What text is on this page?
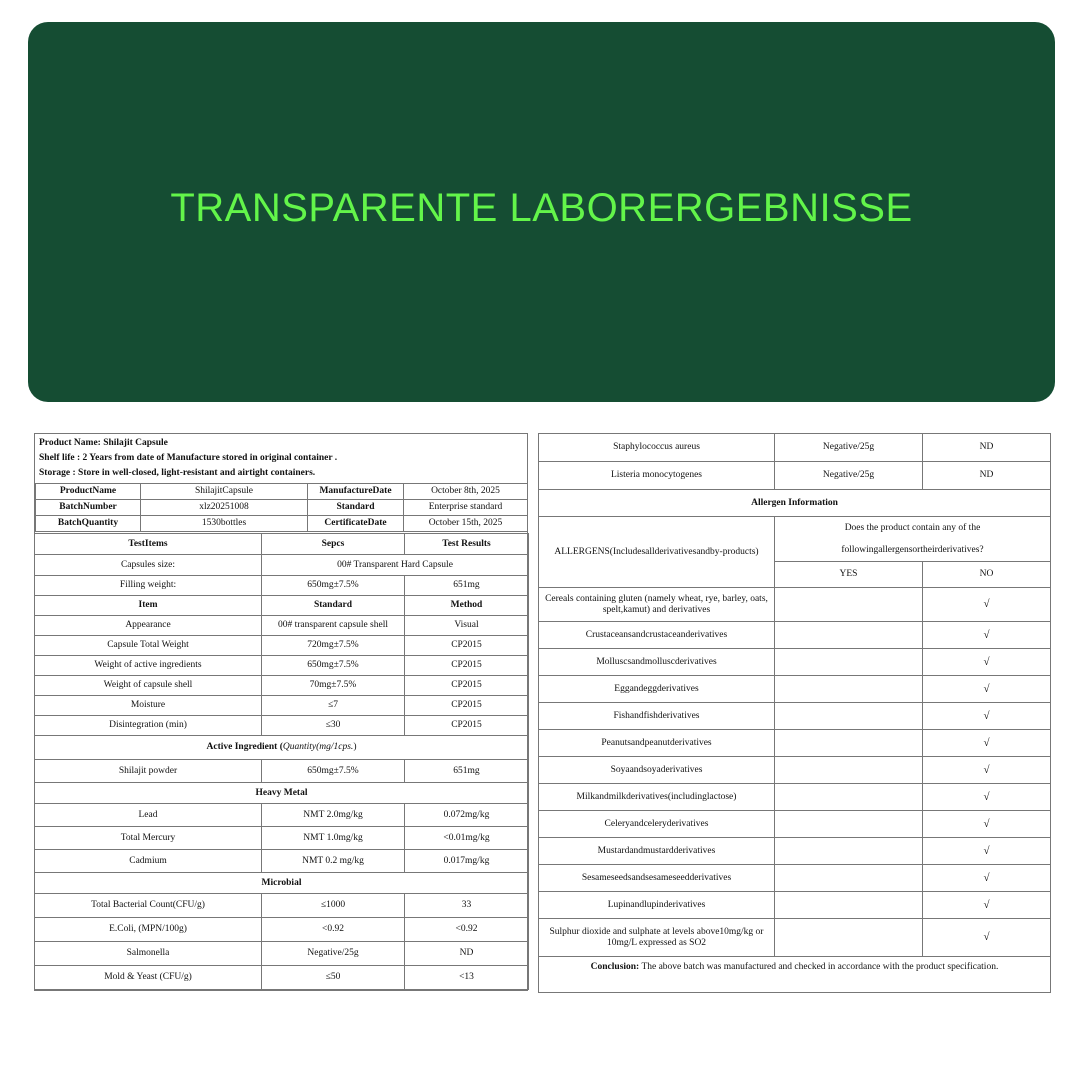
TRANSPARENTE LABORERGEBNISSE
Product Name: Shilajit Capsule
Shelf life : 2 Years from date of Manufacture stored in original container .
Storage : Store in well-closed, light-resistant and airtight containers.
ProductName	ShilajitCapsule	ManufactureDate	October 8th, 2025
BatchNumber	xlz20251008	Standard	Enterprise standard
BatchQuantity	1530bottles	CertificateDate	October 15th, 2025
TestItems	Sepcs	Test Results
Capsules size:	00# Transparent Hard Capsule	
Filling weight:	650mg±7.5%	651mg
Item	Standard	Method
Appearance	00# transparent capsule shell	Visual
Capsule Total Weight	720mg±7.5%	CP2015
Weight of active ingredients	650mg±7.5%	CP2015
Weight of capsule shell	70mg±7.5%	CP2015
Moisture	≤7	CP2015
Disintegration (min)	≤30	CP2015
Active Ingredient (Quantity(mg/1cps.)		
Shilajit powder	650mg±7.5%	651mg
Heavy Metal		
Lead	NMT 2.0mg/kg	0.072mg/kg
Total Mercury	NMT 1.0mg/kg	<0.01mg/kg
Cadmium	NMT 0.2 mg/kg	0.017mg/kg
Microbial		
Total Bacterial Count(CFU/g)	≤1000	33
E.Coli, (MPN/100g)	<0.92	<0.92
Salmonella	Negative/25g	ND
Mold & Yeast (CFU/g)	≤50	<13
Staphylococcus aureus	Negative/25g	ND
Listeria monocytogenes	Negative/25g	ND
Allergen Information		
ALLERGENS(Includesallderivativesandby-products)	Does the product contain any of the followingallergensortheirderivatives?	
	YES	NO
Cereals containing gluten (namely wheat, rye, barley, oats, spelt,kamut) and derivatives		√
Crustaceansandcrustaceanderivatives		√
Molluscsandmolluscderivatives		√
Eggandeggderivatives		√
Fishandfishderivatives		√
Peanutsandpeanutderivatives		√
Soyaandsoyaderivatives		√
Milkandmilkderivatives(includinglactose)		√
Celeryandceleryderivatives		√
Mustardandmustardderivatives		√
Sesameseedsandsesameseedderivatives		√
Lupinandlupinderivatives		√
Sulphur dioxide and sulphate at levels above10mg/kg or 10mg/L expressed as SO2		√
Conclusion: The above batch was manufactured and checked in accordance with the product specification.		
